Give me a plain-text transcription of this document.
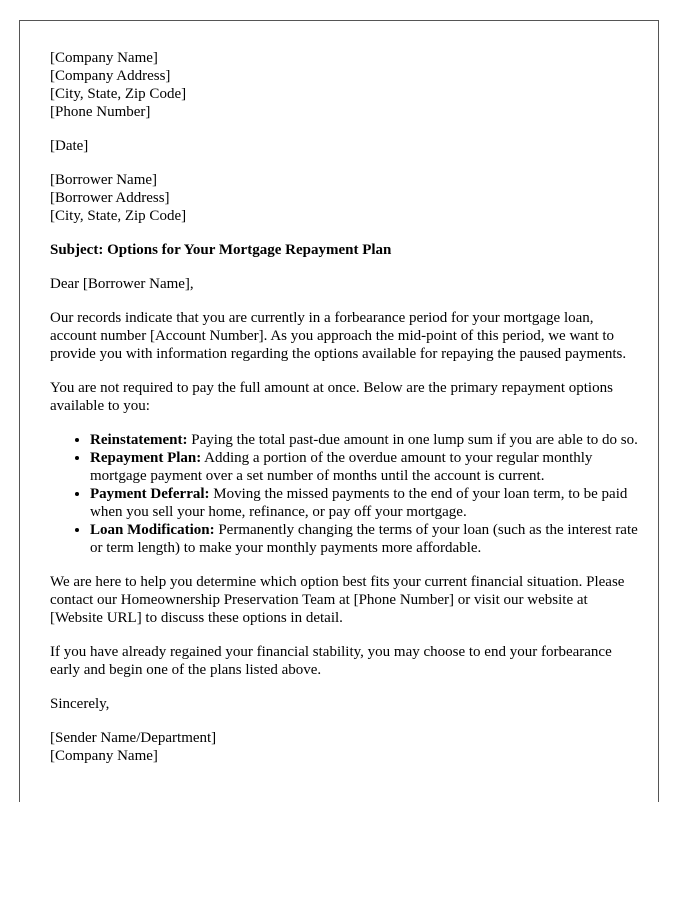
[Company Name]
[Company Address]
[City, State, Zip Code]
[Phone Number]
[Date]
[Borrower Name]
[Borrower Address]
[City, State, Zip Code]
Subject: Options for Your Mortgage Repayment Plan

Dear [Borrower Name],

Our records indicate that you are currently in a forbearance period for your mortgage loan, account number [Account Number]. As you approach the mid-point of this period, we want to provide you with information regarding the options available for repaying the paused payments.

You are not required to pay the full amount at once. Below are the primary repayment options available to you:

• Reinstatement: Paying the total past-due amount in one lump sum if you are able to do so.
• Repayment Plan: Adding a portion of the overdue amount to your regular monthly mortgage payment over a set number of months until the account is current.
• Payment Deferral: Moving the missed payments to the end of your loan term, to be paid when you sell your home, refinance, or pay off your mortgage.
• Loan Modification: Permanently changing the terms of your loan (such as the interest rate or term length) to make your monthly payments more affordable.

We are here to help you determine which option best fits your current financial situation. Please contact our Homeownership Preservation Team at [Phone Number] or visit our website at [Website URL] to discuss these options in detail.

If you have already regained your financial stability, you may choose to end your forbearance early and begin one of the plans listed above.

Sincerely,

[Sender Name/Department]
[Company Name]
